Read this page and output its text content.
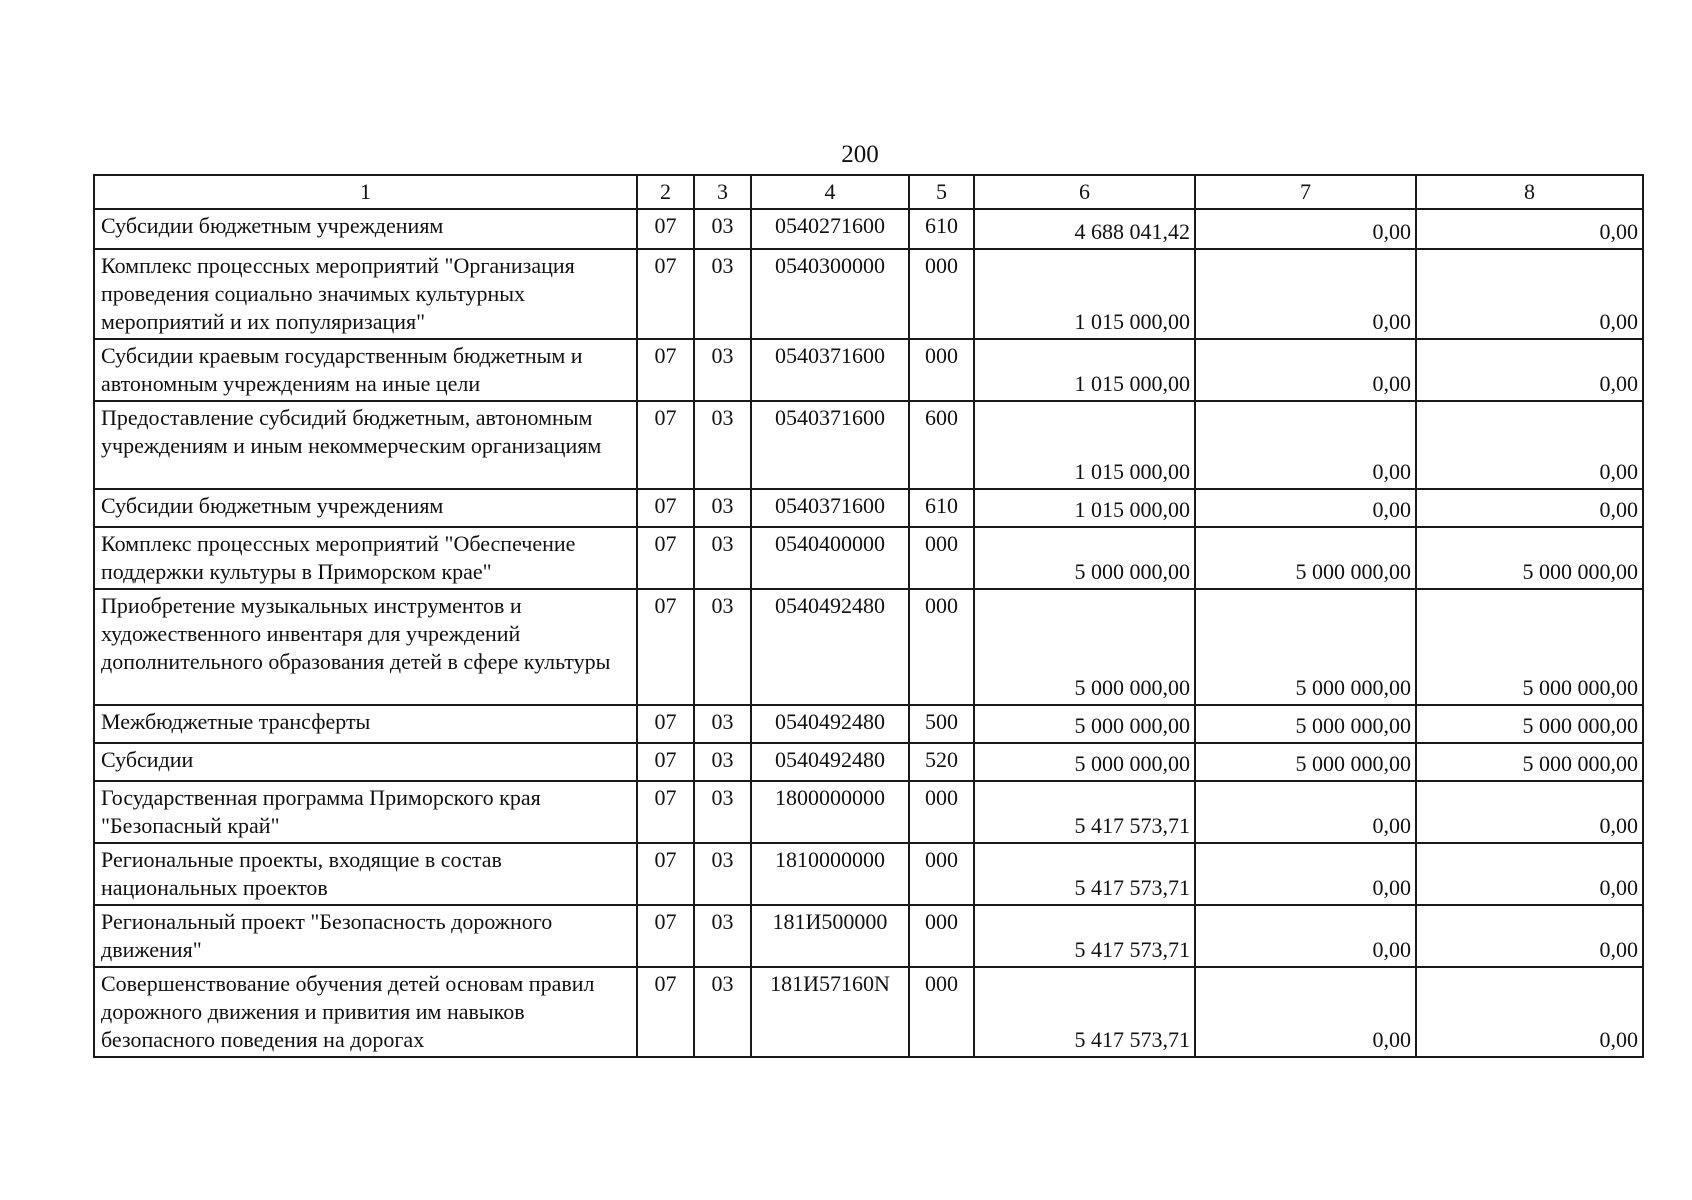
200
1	2	3	4	5	6	7	8
Субсидии бюджетным учреждениям	07	03	0540271600	610	4 688 041,42	0,00	0,00
Комплекс процессных мероприятий "Организация проведения социально значимых культурных мероприятий и их популяризация"	07	03	0540300000	000	1 015 000,00	0,00	0,00
Субсидии краевым государственным бюджетным и автономным учреждениям на иные цели	07	03	0540371600	000	1 015 000,00	0,00	0,00
Предоставление субсидий бюджетным, автономным учреждениям и иным некоммерческим организациям	07	03	0540371600	600	1 015 000,00	0,00	0,00
Субсидии бюджетным учреждениям	07	03	0540371600	610	1 015 000,00	0,00	0,00
Комплекс процессных мероприятий "Обеспечение поддержки культуры в Приморском крае"	07	03	0540400000	000	5 000 000,00	5 000 000,00	5 000 000,00
Приобретение музыкальных инструментов и художественного инвентаря для учреждений дополнительного образования детей в сфере культуры	07	03	0540492480	000	5 000 000,00	5 000 000,00	5 000 000,00
Межбюджетные трансферты	07	03	0540492480	500	5 000 000,00	5 000 000,00	5 000 000,00
Субсидии	07	03	0540492480	520	5 000 000,00	5 000 000,00	5 000 000,00
Государственная программа Приморского края "Безопасный край"	07	03	1800000000	000	5 417 573,71	0,00	0,00
Региональные проекты, входящие в состав национальных проектов	07	03	1810000000	000	5 417 573,71	0,00	0,00
Региональный проект "Безопасность дорожного движения"	07	03	181И500000	000	5 417 573,71	0,00	0,00
Совершенствование обучения детей основам правил дорожного движения и привития им навыков безопасного поведения на дорогах	07	03	181И57160N	000	5 417 573,71	0,00	0,00
